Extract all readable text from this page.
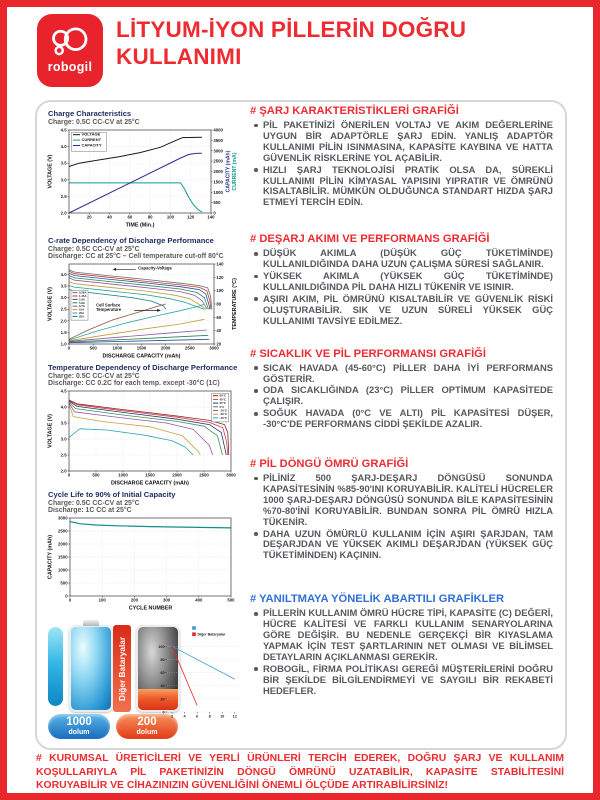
robogil
LİTYUM-İYON PİLLERİN DOĞRU KULLANIMI
Charge Characteristics
Charge: 0.5C CC-CV at 25°C
0	20	40	60	80	100	120	140
2.0
2.5
3.0
3.5
4.0
4.5
0
500
1000
1500
2000
2500
3000
3500
4000
TIME (Min.)
VOLTAGE (V)	CAPACITY (mAh) CURRENT (mA)
VOLTAGE
CURRENT
CAPACITY
C-rate Dependency of Discharge Performance
Charge: 0.5C CC-CV at 25°C
Discharge: CC at 25°C – Cell temperature cut-off 80°C
0	500	1000	1500	2000	2500	3000
1.0
1.5
2.0
2.5
3.0
3.5
4.0
20
40
60
80
100
120
140
DISCHARGE CAPACITY (mAh)
VOLTAGE (V)	TEMPERATURE (°C)
Capacity-Voltage
Cell Surface
Temperature
0.58A
1.45A
2.9A
5.8A
8.7A
15A
20A
25A
Temperature Dependency of Discharge Performance
Charge: 0.5C CC-CV at 25°C
Discharge: CC 0.2C for each temp. except -30°C (1C)
0	500	1000	1500	2000	2500	3000
2.0
2.5
3.0
3.5
4.0
4.5
DISCHARGE CAPACITY (mAh)
VOLTAGE (V)
60°C
45°C
25°C
0°C
-10°C
-20°C
-30°C
Cycle Life to 90% of Initial Capacity
Charge: 0.5C CC-CV at 25°C
Discharge: 1C CC at 25°C
0	100	200	300	400	500
0
500
1000
1500
2000
2500
3000
CYCLE NUMBER
CAPACITY (mAh)
Diğer Bataryalar
1000
dolum
200
dolum
2	4	6	8 10 12
0
20
40
60
80
100
Diğer Bataryalar
# ŞARJ KARAKTERİSTİKLERİ GRAFİĞİ
PİL PAKETİNİZİ ÖNERİLEN VOLTAJ VE AKIM DEĞERLERİNE UYGUN BİR ADAPTÖRLE ŞARJ EDİN. YANLIŞ ADAPTÖR KULLANIMI PİLİN ISINMASINA, KAPASİTE KAYBINA VE HATTA GÜVENLİK RİSKLERİNE YOL AÇABİLİR.
HIZLI ŞARJ TEKNOLOJİSİ PRATİK OLSA DA, SÜREKLİ KULLANIMI PİLİN KİMYASAL YAPISINI YIPRATIR VE ÖMRÜNÜ KISALTABİLİR. MÜMKÜN OLDUĞUNCA STANDART HIZDA ŞARJ ETMEYİ TERCİH EDİN.
# DEŞARJ AKIMI VE PERFORMANS GRAFİĞİ
DÜŞÜK AKIMLA (DÜŞÜK GÜÇ TÜKETİMİNDE) KULLANILDIĞINDA DAHA UZUN ÇALIŞMA SÜRESİ SAĞLANIR.
YÜKSEK AKIMLA (YÜKSEK GÜÇ TÜKETİMİNDE) KULLANILDIĞINDA PİL DAHA HIZLI TÜKENİR VE ISINIR.
AŞIRI AKIM, PİL ÖMRÜNÜ KISALTABİLİR VE GÜVENLİK RİSKİ OLUŞTURABİLİR. SIK VE UZUN SÜRELİ YÜKSEK GÜÇ KULLANIMI TAVSİYE EDİLMEZ.
# SICAKLIK VE PİL PERFORMANSI GRAFİĞİ
SICAK HAVADA (45-60°C) PİLLER DAHA İYİ PERFORMANS GÖSTERİR.
ODA SICAKLIĞINDA (23°C) PİLLER OPTİMUM KAPASİTEDE ÇALIŞIR.
SOĞUK HAVADA (0°C VE ALTI) PİL KAPASİTESİ DÜŞER, -30°C'DE PERFORMANS CİDDİ ŞEKİLDE AZALIR.
# PİL DÖNGÜ ÖMRÜ GRAFİĞİ
PİLİNİZ 500 ŞARJ-DEŞARJ DÖNGÜSÜ SONUNDA KAPASİTESİNİN %85-90'INI KORUYABİLİR. KALİTELİ HÜCRELER 1000 ŞARJ-DEŞARJ DÖNGÜSÜ SONUNDA BİLE KAPASİTESİNİN %70-80'İNİ KORUYABİLİR. BUNDAN SONRA PİL ÖMRÜ HIZLA TÜKENİR.
DAHA UZUN ÖMÜRLÜ KULLANIM İÇİN AŞIRI ŞARJDAN, TAM DEŞARJDAN VE YÜKSEK AKIMLI DEŞARJDAN (YÜKSEK GÜÇ TÜKETİMİNDEN) KAÇININ.
# YANILTMAYA YÖNELİK ABARTILI GRAFİKLER
PİLLERİN KULLANIM ÖMRÜ HÜCRE TİPİ, KAPASİTE (C) DEĞERİ, HÜCRE KALİTESİ VE FARKLI KULLANIM SENARYOLARINA GÖRE DEĞİŞİR. BU NEDENLE GERÇEKÇİ BİR KIYASLAMA YAPMAK İÇİN TEST ŞARTLARININ NET OLMASI VE BİLİMSEL DETAYLARIN AÇIKLANMASI GEREKİR.
ROBOGİL, FİRMA POLİTİKASI GEREĞİ MÜŞTERİLERİNİ DOĞRU BİR ŞEKİLDE BİLGİLENDİRMEYİ VE SAYGILI BİR REKABETİ HEDEFLER.
# KURUMSAL ÜRETİCİLERİ VE YERLİ ÜRÜNLERİ TERCİH EDEREK, DOĞRU ŞARJ VE KULLANIM KOŞULLARIYLA PİL PAKETİNİZİN DÖNGÜ ÖMRÜNÜ UZATABİLİR, KAPASİTE STABİLİTESİNİ KORUYABİLİR VE CİHAZINIZIN GÜVENLİĞİNİ ÖNEMLİ ÖLÇÜDE ARTIRABİLİRSİNİZ!
